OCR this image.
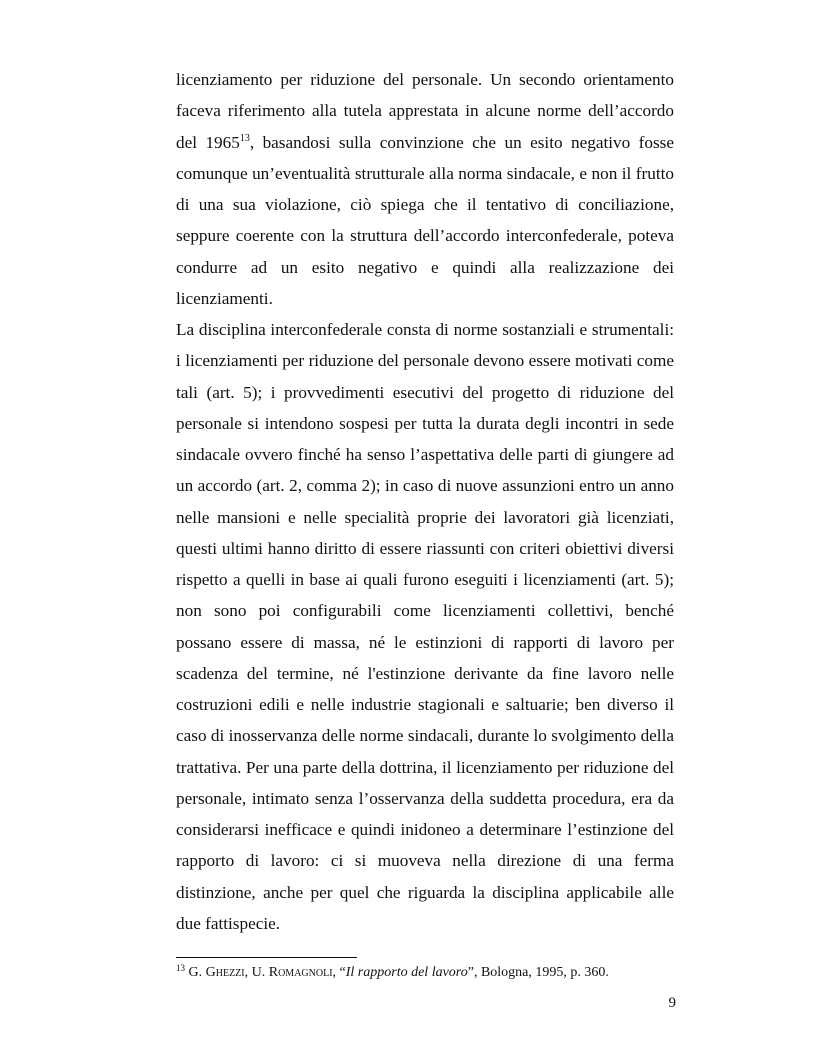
licenziamento per riduzione del personale. Un secondo orientamento faceva riferimento alla tutela apprestata in alcune norme dell’accordo del 1965$^{13}$, basandosi sulla convinzione che un esito negativo fosse comunque un’eventualità strutturale alla norma sindacale, e non il frutto di una sua violazione, ciò spiega che il tentativo di conciliazione, seppure coerente con la struttura dell’accordo interconfederale, poteva condurre ad un esito negativo e quindi alla realizzazione dei licenziamenti.

La disciplina interconfederale consta di norme sostanziali e strumentali: i licenziamenti per riduzione del personale devono essere motivati come tali (art. 5); i provvedimenti esecutivi del progetto di riduzione del personale si intendono sospesi per tutta la durata degli incontri in sede sindacale ovvero finché ha senso l’aspettativa delle parti di giungere ad un accordo (art. 2, comma 2); in caso di nuove assunzioni entro un anno nelle mansioni e nelle specialità proprie dei lavoratori già licenziati, questi ultimi hanno diritto di essere riassunti con criteri obiettivi diversi rispetto a quelli in base ai quali furono eseguiti i licenziamenti (art. 5); non sono poi configurabili come licenziamenti collettivi, benché possano essere di massa, né le estinzioni di rapporti di lavoro per scadenza del termine, né l'estinzione derivante da fine lavoro nelle costruzioni edili e nelle industrie stagionali e saltuarie; ben diverso il caso di inosservanza delle norme sindacali, durante lo svolgimento della trattativa. Per una parte della dottrina, il licenziamento per riduzione del personale, intimato senza l’osservanza della suddetta procedura, era da considerarsi inefficace e quindi inidoneo a determinare l’estinzione del rapporto di lavoro: ci si muoveva nella direzione di una ferma distinzione, anche per quel che riguarda la disciplina applicabile alle due fattispecie.

$^{13}$ G. Ghezzi, U. Romagnoli, “Il rapporto del lavoro”, Bologna, 1995, p. 360.
9
